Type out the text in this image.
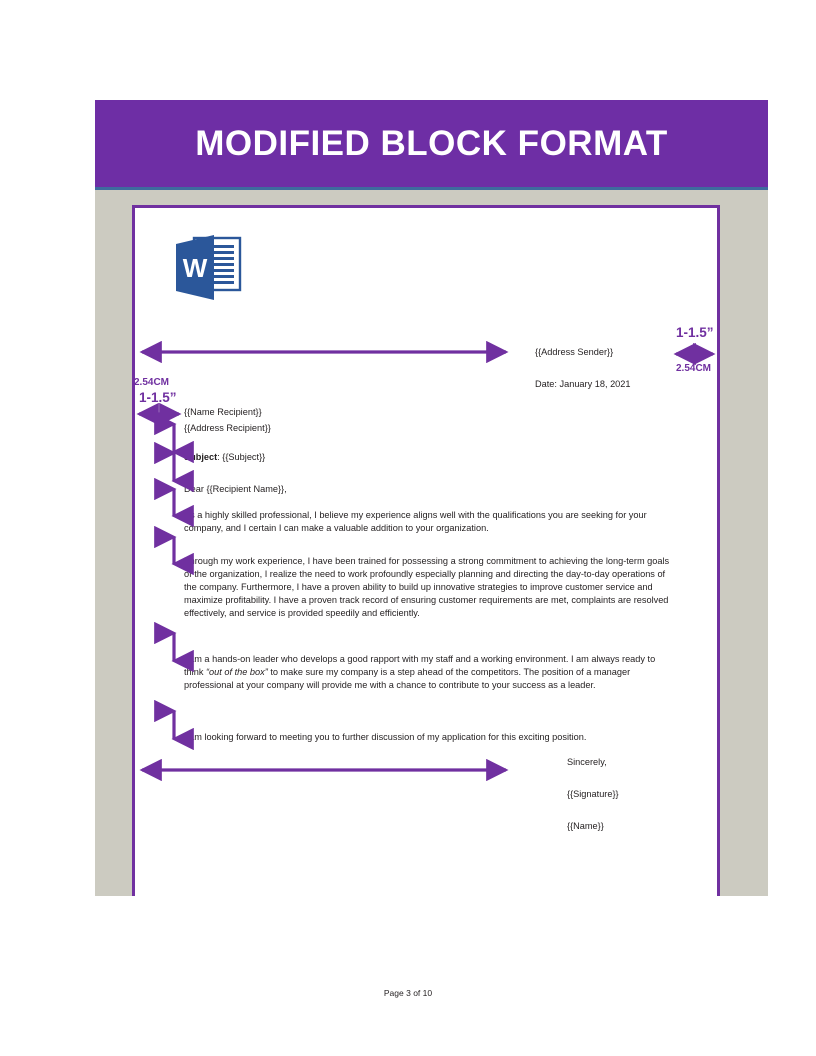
MODIFIED BLOCK FORMAT
W
{{Address Sender}}
Date: January 18, 2021
{{Name Recipient}}
{{Address Recipient}}
Subject: {{Subject}}
Dear {{Recipient Name}},
As a highly skilled professional, I believe my experience aligns well with the qualifications you are seeking for your company, and I certain I can make a valuable addition to your organization.
Through my work experience, I have been trained for possessing a strong commitment to achieving the long-term goals of the organization, I realize the need to work profoundly especially planning and directing the day-to-day operations of the company. Furthermore, I have a proven ability to build up innovative strategies to improve customer service and maximize profitability. I have a proven track record of ensuring customer requirements are met, complaints are resolved effectively, and service is provided speedily and efficiently.
I am a hands-on leader who develops a good rapport with my staff and a working environment. I am always ready to think “out of the box” to make sure my company is a step ahead of the competitors. The position of a manager professional at your company will provide me with a chance to contribute to your success as a leader.
I am looking forward to meeting you to further discussion of my application for this exciting position.
Sincerely,
{{Signature}}
{{Name}}
1-1.5”
2.54CM
2.54CM
1-1.5”
Page 3 of 10
